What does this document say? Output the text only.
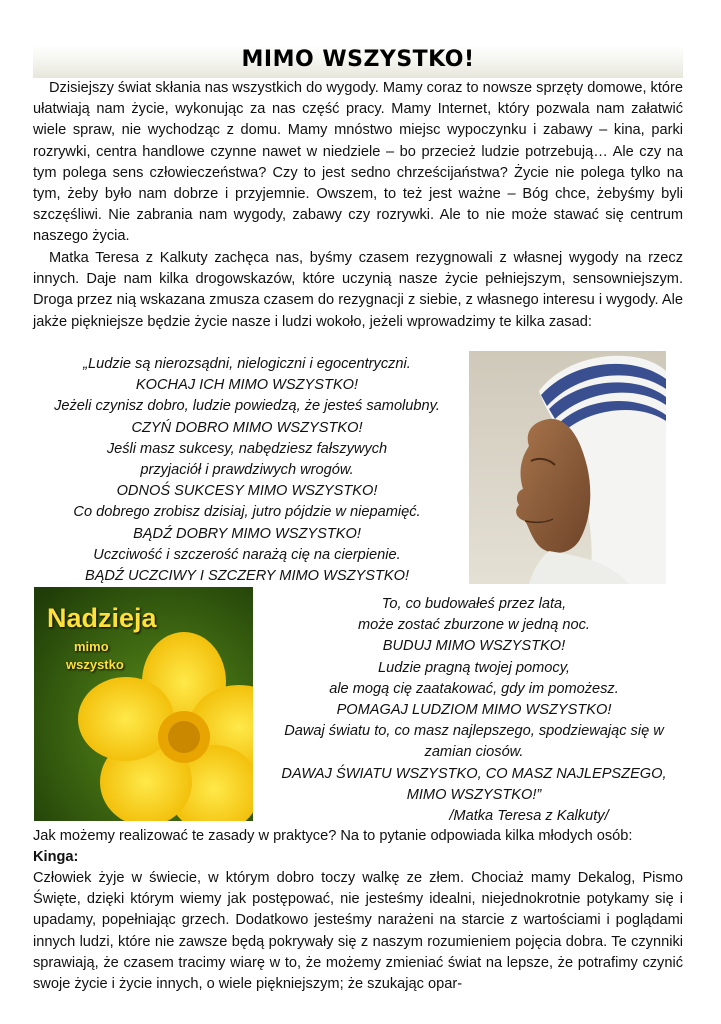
MIMO WSZYSTKO!

Dzisiejszy świat skłania nas wszystkich do wygody. Mamy coraz to nowsze sprzęty domowe, które ułatwiają nam życie, wykonując za nas część pracy. Mamy Internet, który pozwala nam załatwić wiele spraw, nie wychodząc z domu. Mamy mnóstwo miejsc wypoczynku i zabawy – kina, parki rozrywki, centra handlowe czynne nawet w niedziele – bo przecież ludzie potrzebują… Ale czy na tym polega sens człowieczeństwa? Czy to jest sedno chrześcijaństwa? Życie nie polega tylko na tym, żeby było nam dobrze i przyjemnie. Owszem, to też jest ważne – Bóg chce, żebyśmy byli szczęśliwi. Nie zabrania nam wygody, zabawy czy rozrywki. Ale to nie może stawać się centrum naszego życia.

Matka Teresa z Kalkuty zachęca nas, byśmy czasem rezygnowali z własnej wygody na rzecz innych. Daje nam kilka drogowskazów, które uczynią nasze życie pełniejszym, sensowniejszym. Droga przez nią wskazana zmusza czasem do rezygnacji z siebie, z własnego interesu i wygody. Ale jakże piękniejsze będzie życie nasze i ludzi wokoło, jeżeli wprowadzimy te kilka zasad:

„Ludzie są nierozsądni, nielogiczni i egocentryczni.
KOCHAJ ICH MIMO WSZYSTKO!
Jeżeli czynisz dobro, ludzie powiedzą, że jesteś samolubny.
CZYŃ DOBRO MIMO WSZYSTKO!
Jeśli masz sukcesy, nabędziesz fałszywych
przyjaciół i prawdziwych wrogów.
ODNOŚ SUKCESY MIMO WSZYSTKO!
Co dobrego zrobisz dzisiaj, jutro pójdzie w niepamięć.
BĄDŹ DOBRY MIMO WSZYSTKO!
Uczciwość i szczerość narażą cię na cierpienie.
BĄDŹ UCZCIWY I SZCZERY MIMO WSZYSTKO!
Nadzieja
mimo
wszystko
To, co budowałeś przez lata,
może zostać zburzone w jedną noc.
BUDUJ MIMO WSZYSTKO!
Ludzie pragną twojej pomocy,
ale mogą cię zaatakować, gdy im pomożesz.
POMAGAJ LUDZIOM MIMO WSZYSTKO!
Dawaj światu to, co masz najlepszego, spodziewając się w
zamian ciosów.
DAWAJ ŚWIATU WSZYSTKO, CO MASZ NAJLEPSZEGO,
MIMO WSZYSTKO!”
/Matka Teresa z Kalkuty/

Jak możemy realizować te zasady w praktyce? Na to pytanie odpowiada kilka młodych osób:

Kinga:

Człowiek żyje w świecie, w którym dobro toczy walkę ze złem. Chociaż mamy Dekalog, Pismo Święte, dzięki którym wiemy jak postępować, nie jesteśmy idealni, niejednokrotnie potykamy się i upadamy, popełniając grzech. Dodatkowo jesteśmy narażeni na starcie z wartościami i poglądami innych ludzi, które nie zawsze będą pokrywały się z naszym rozumieniem pojęcia dobra. Te czynniki sprawiają, że czasem tracimy wiarę w to, że możemy zmieniać świat na lepsze, że potrafimy czynić swoje życie i życie innych, o wiele piękniejszym; że szukając opar-
